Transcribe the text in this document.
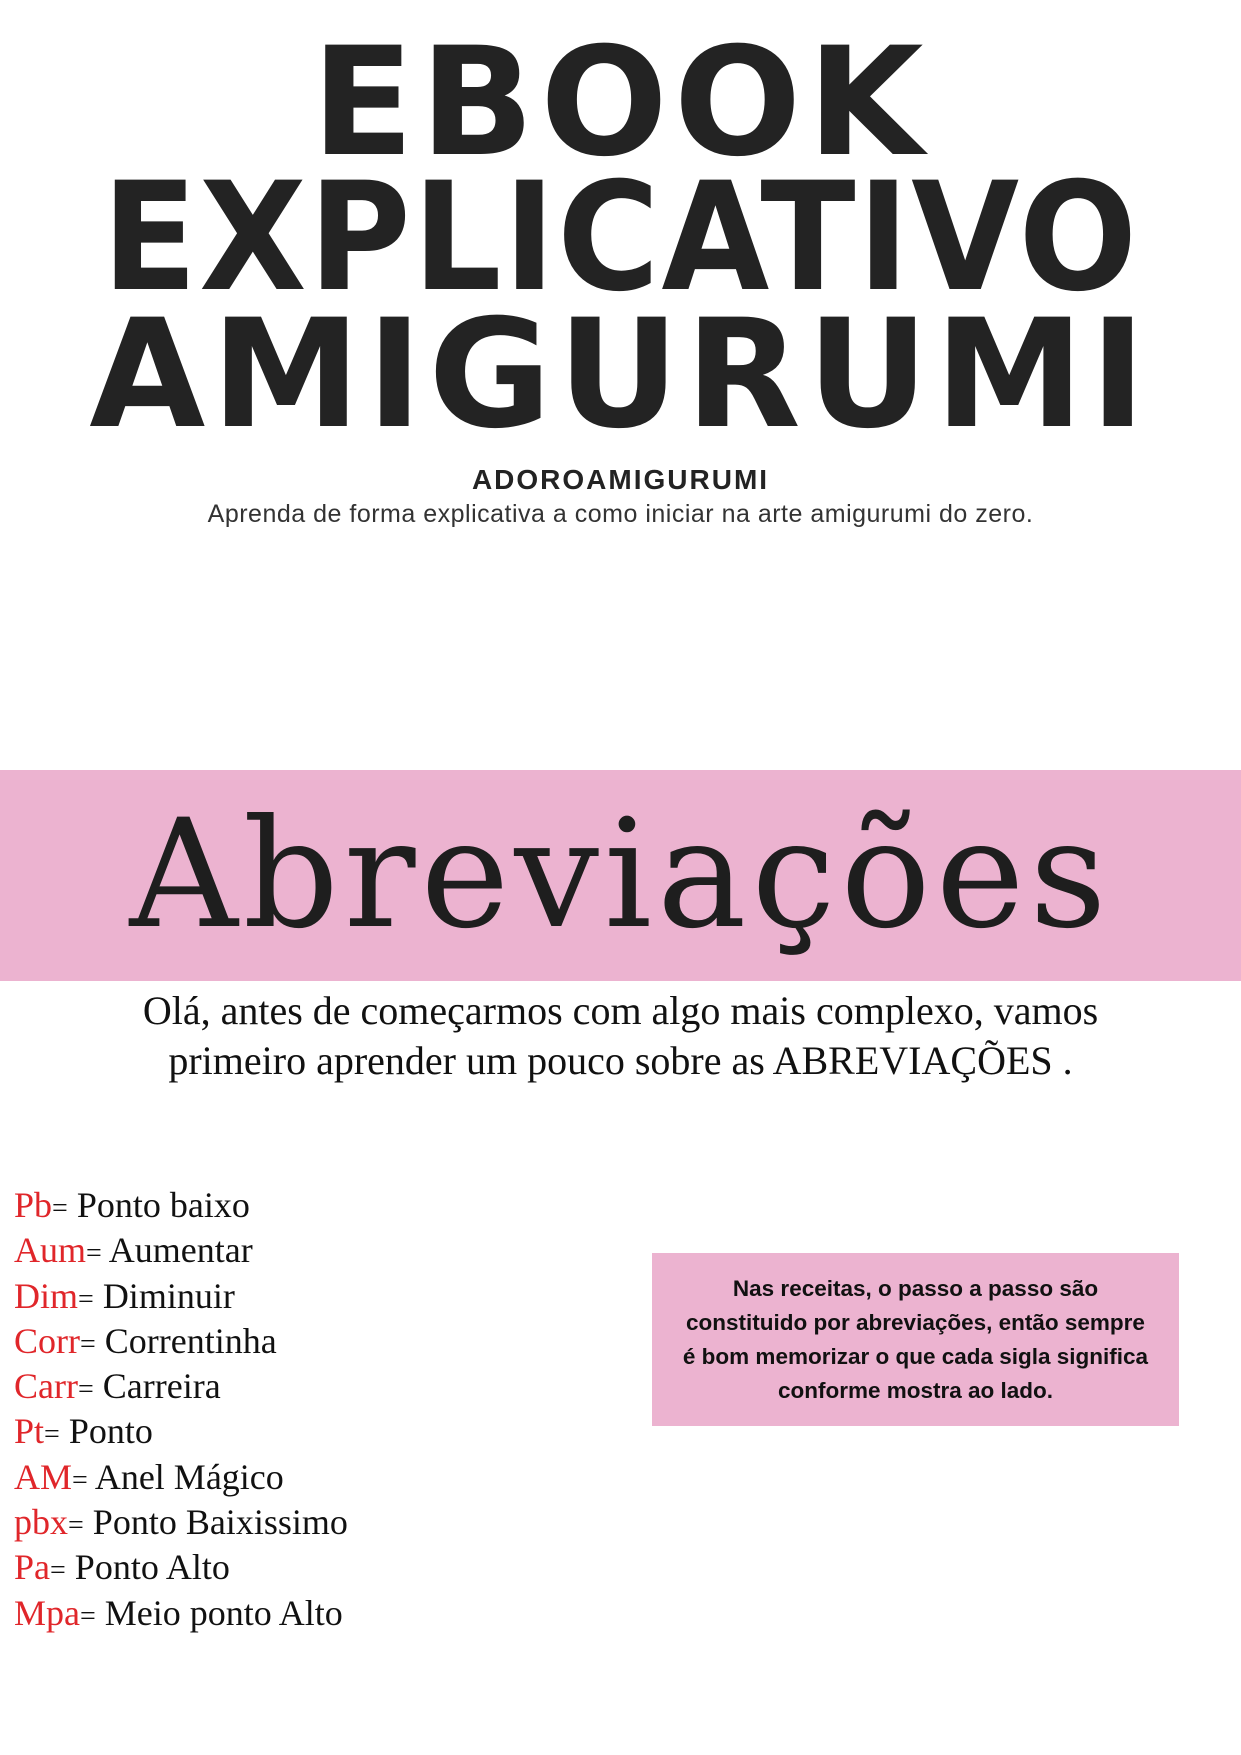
EBOOK
EXPLICATIVO
AMIGURUMI
ADOROAMIGURUMI
Aprenda de forma explicativa a como iniciar na arte amigurumi do zero.
Abreviações
Olá, antes de começarmos com algo mais complexo, vamos
primeiro aprender um pouco sobre as ABREVIAÇÕES .
Pb= Ponto baixo
Aum= Aumentar
Dim= Diminuir
Corr= Correntinha
Carr= Carreira
Pt= Ponto
AM= Anel Mágico
pbx= Ponto Baixissimo
Pa= Ponto Alto
Mpa= Meio ponto Alto
Nas receitas, o passo a passo são
constituido por abreviações, então sempre
é bom memorizar o que cada sigla significa
conforme mostra ao lado.
